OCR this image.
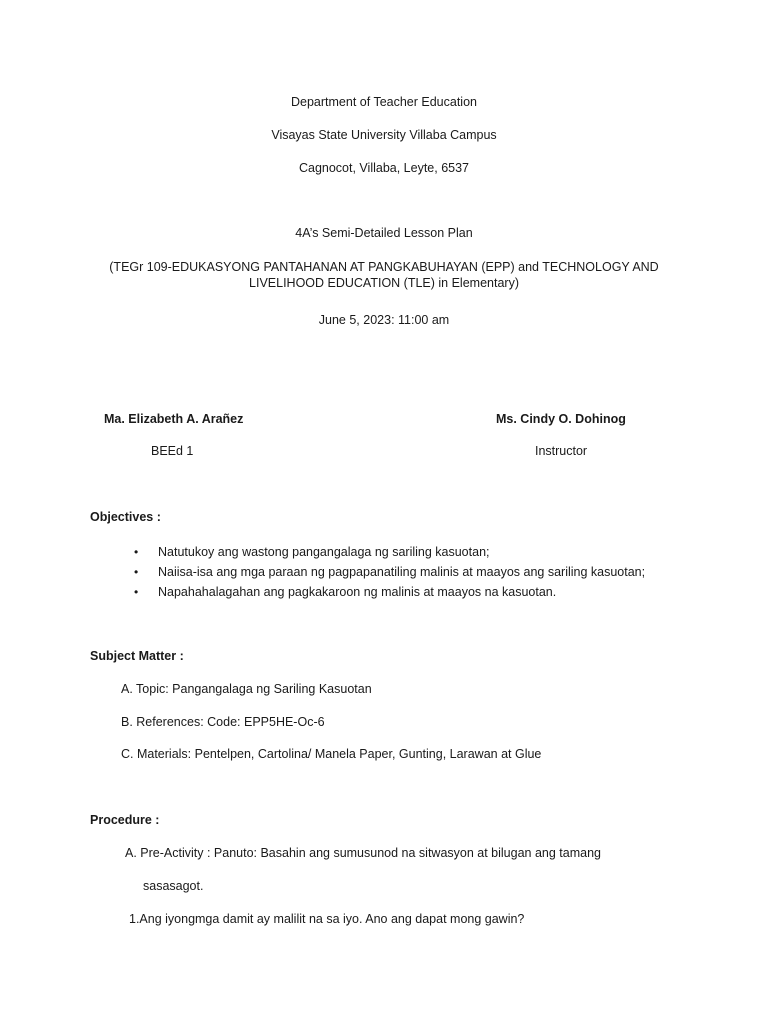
Department of Teacher Education
Visayas State University Villaba Campus
Cagnocot, Villaba, Leyte, 6537
4A’s Semi-Detailed Lesson Plan
(TEGr 109-EDUKASYONG PANTAHANAN AT PANGKABUHAYAN (EPP) and TECHNOLOGY AND LIVELIHOOD EDUCATION (TLE) in Elementary)
June 5, 2023: 11:00 am
Ma. Elizabeth A. Arañez
BEEd 1
Ms. Cindy O. Dohinog
Instructor
Objectives :
• Natutukoy ang wastong pangangalaga ng sariling kasuotan;
• Naiisa-isa ang mga paraan ng pagpapanatiling malinis at maayos ang sariling kasuotan;
• Napahahalagahan ang pagkakaroon ng malinis at maayos na kasuotan.
Subject Matter :
A. Topic: Pangangalaga ng Sariling Kasuotan
B. References: Code: EPP5HE-Oc-6
C. Materials: Pentelpen, Cartolina/ Manela Paper, Gunting, Larawan at Glue
Procedure :
A. Pre-Activity : Panuto: Basahin ang sumusunod na sitwasyon at bilugan ang tamang
sasasagot.
1.Ang iyongmga damit ay malilit na sa iyo. Ano ang dapat mong gawin?
